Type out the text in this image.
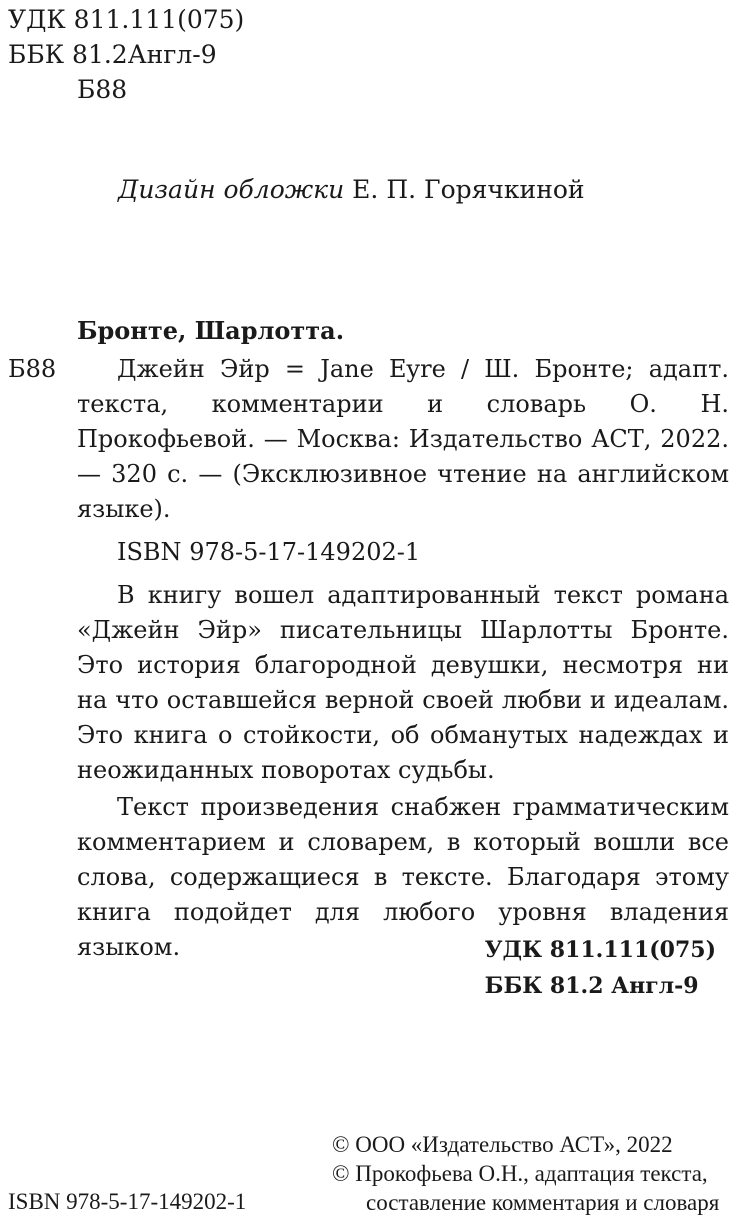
УДК 811.111(075)
ББК 81.2Англ-9
Б88
Дизайн обложки Е. П. Горячкиной
Бронте, Шарлотта.
Б88	Джейн Эйр = Jane Eyre / Ш. Бронте; адапт. текста, комментарии и словарь О. Н. Прокофьевой. — Москва: Издательство АСТ, 2022. — 320 с. — (Эксклюзивное чтение на английском языке).

ISBN 978-5-17-149202-1

В книгу вошел адаптированный текст романа «Джейн Эйр» писательницы Шарлотты Бронте. Это история благородной девушки, несмотря ни на что оставшейся верной своей любви и идеалам. Это книга о стойкости, об обманутых надеждах и неожиданных поворотах судьбы.

Текст произведения снабжен грамматическим комментарием и словарем, в который вошли все слова, содержащиеся в тексте. Благодаря этому книга подойдет для любого уровня владения языком.	УДК 811.111(075)
ББК 81.2 Англ-9
© ООО «Издательство АСТ», 2022
© Прокофьева О.Н., адаптация текста,
составление комментария и словаря
ISBN 978-5-17-149202-1
